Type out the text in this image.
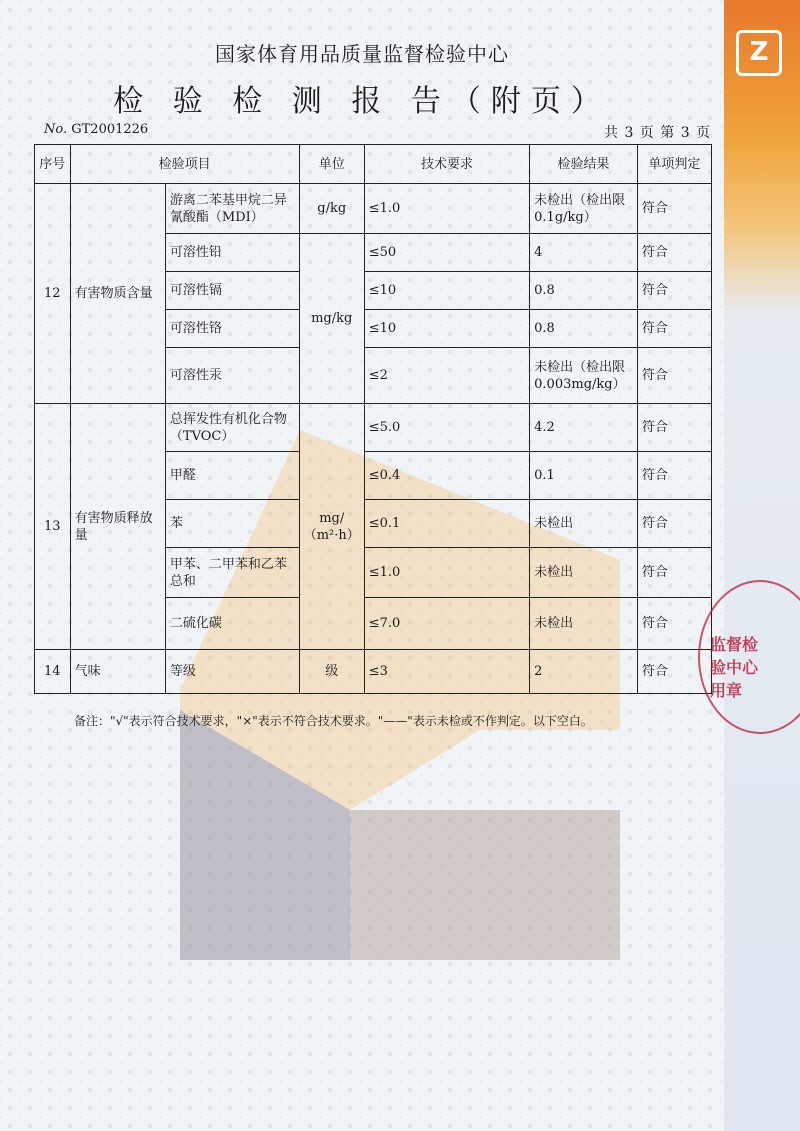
Z
国家体育用品质量监督检验中心
检 验 检 测 报 告（附页）
No. GT2001226	共 3 页 第 3 页
序号	检验项目		单位	技术要求	检验结果	单项判定
12	有害物质含量	游离二苯基甲烷二异氰酸酯（MDI）	g/kg	≤1.0	未检出（检出限0.1g/kg）	符合
		可溶性铅	mg/kg	≤50	4	符合
		可溶性镉		≤10	0.8	符合
		可溶性铬		≤10	0.8	符合
		可溶性汞		≤2	未检出（检出限0.003mg/kg）	符合
13	有害物质释放量	总挥发性有机化合物（TVOC）	mg/（m²·h）	≤5.0	4.2	符合
		甲醛		≤0.4	0.1	符合
		苯		≤0.1	未检出	符合
		甲苯、二甲苯和乙苯总和		≤1.0	未检出	符合
		二硫化碳		≤7.0	未检出	符合
14	气味	等级	级	≤3	2	符合
备注："√"表示符合技术要求，"×"表示不符合技术要求。"——"表示未检或不作判定。以下空白。
监督检验中心 用章
